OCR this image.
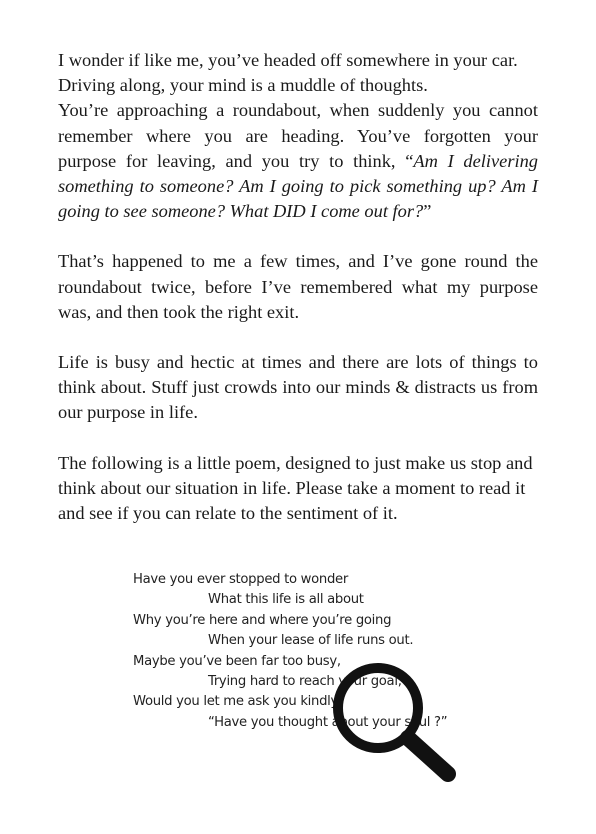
I wonder if like me, you’ve headed off somewhere in your car.

Driving along, your mind is a muddle of thoughts.

You’re approaching a roundabout, when suddenly you cannot remember where you are heading. You’ve forgotten your purpose for leaving, and you try to think, “Am I delivering something to someone? Am I going to pick something up? Am I going to see someone? What DID I come out for?”

That’s happened to me a few times, and I’ve gone round the roundabout twice, before I’ve remembered what my purpose was, and then took the right exit.

Life is busy and hectic at times and there are lots of things to think about. Stuff just crowds into our minds & distracts us from our purpose in life.

The following is a little poem, designed to just make us stop and think about our situation in life. Please take a moment to read it and see if you can relate to the sentiment of it.

Have you ever stopped to wonder
What this life is all about
Why you’re here and where you’re going
When your lease of life runs out.
Maybe you’ve been far too busy,
Trying hard to reach your goal,
Would you let me ask you kindly,
“Have you thought about your soul ?”
